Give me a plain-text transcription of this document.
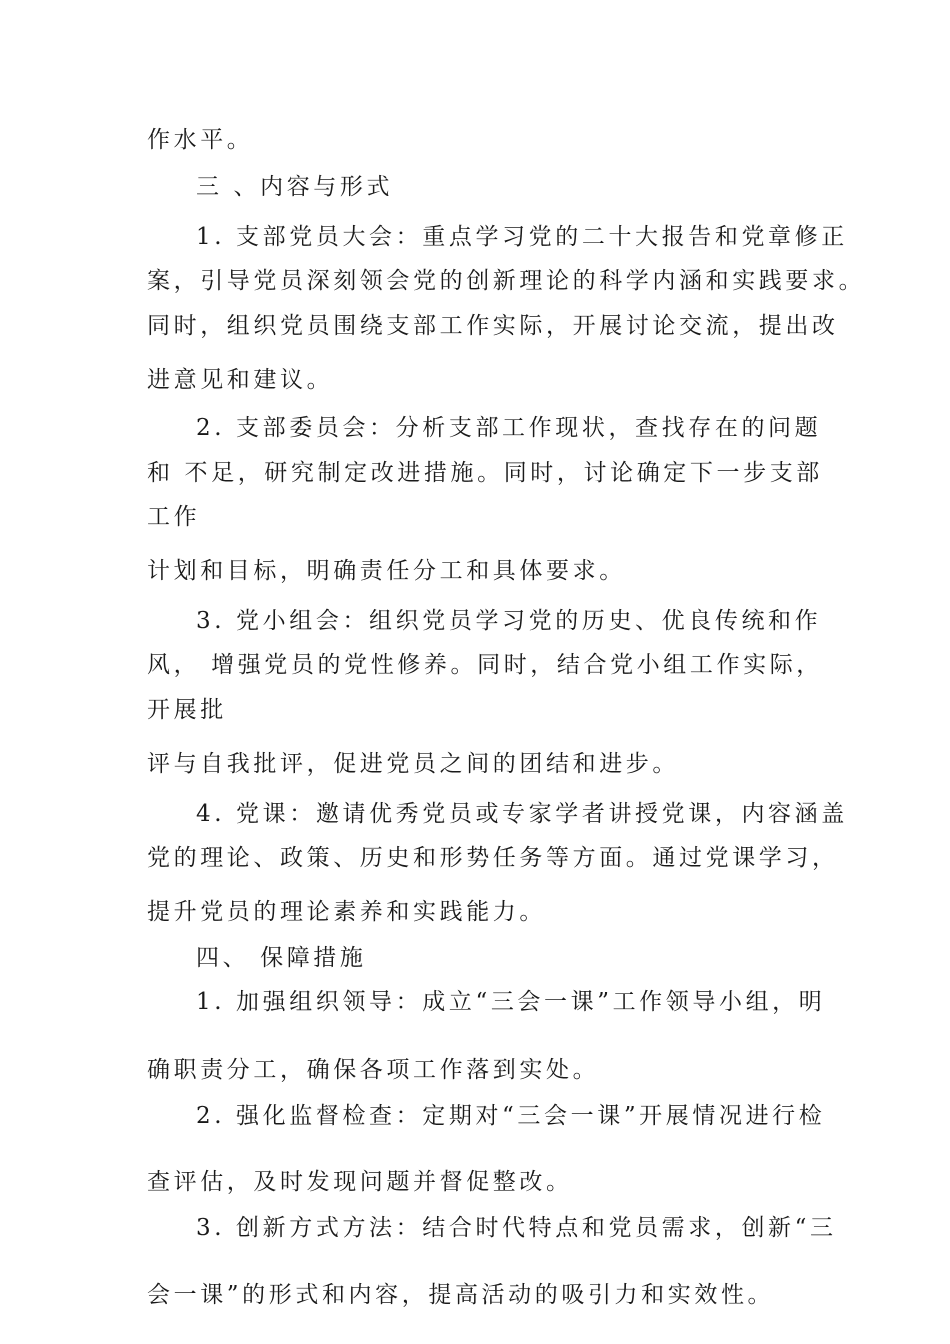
作水平。
三 、内容与形式
1. 支部党员大会：重点学习党的二十大报告和党章修正
案，引导党员深刻领会党的创新理论的科学内涵和实践要求。
同时，组织党员围绕支部工作实际，开展讨论交流，提出改
进意见和建议。
2. 支部委员会：分析支部工作现状，查找存在的问题
和 不足，研究制定改进措施。同时，讨论确定下一步支部
工作
计划和目标，明确责任分工和具体要求。
3. 党小组会：组织党员学习党的历史、优良传统和作
风， 增强党员的党性修养。同时，结合党小组工作实际，
开展批
评与自我批评，促进党员之间的团结和进步。
4. 党课：邀请优秀党员或专家学者讲授党课，内容涵盖
党的理论、政策、历史和形势任务等方面。通过党课学习，
提升党员的理论素养和实践能力。
四、 保障措施
1. 加强组织领导：成立“三会一课”工作领导小组，明
确职责分工，确保各项工作落到实处。
2. 强化监督检查：定期对“三会一课”开展情况进行检
查评估，及时发现问题并督促整改。
3. 创新方式方法：结合时代特点和党员需求，创新“三
会一课”的形式和内容，提高活动的吸引力和实效性。
